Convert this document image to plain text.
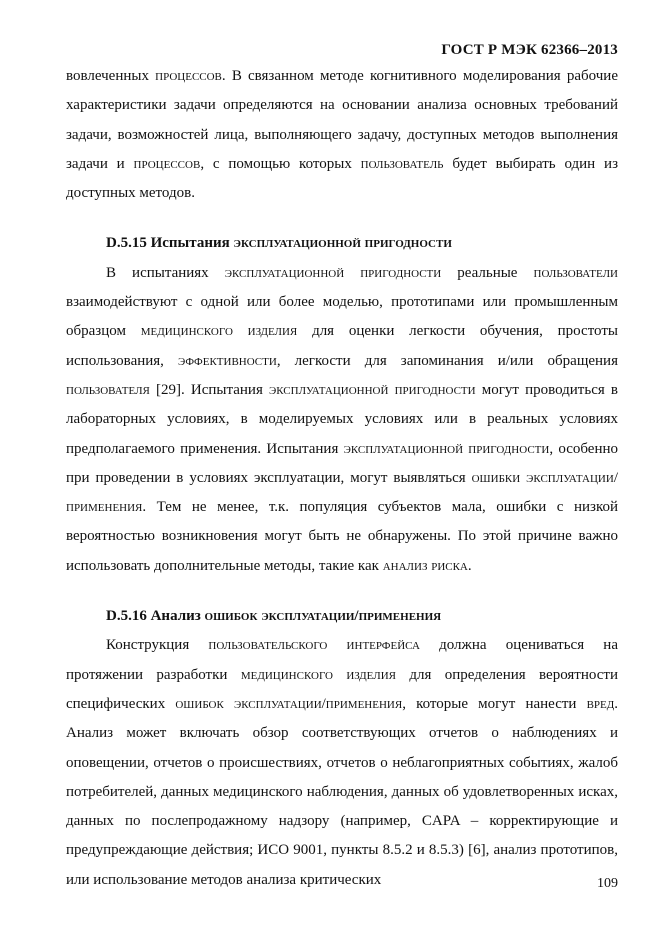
ГОСТ Р МЭК 62366–2013

вовлеченных процессов. В связанном методе когнитивного моделирования рабочие характеристики задачи определяются на основании анализа основных требований задачи, возможностей лица, выполняющего задачу, доступных методов выполнения задачи и процессов, с помощью которых пользователь будет выбирать один из доступных методов.

D.5.15 Испытания эксплуатационной пригодности

В испытаниях эксплуатационной пригодности реальные пользователи взаимодействуют с одной или более моделью, прототипами или промышленным образцом медицинского изделия для оценки легкости обучения, простоты использования, эффективности, легкости для запоминания и/или обращения пользователя [29]. Испытания эксплуатационной пригодности могут проводиться в лабораторных условиях, в моделируемых условиях или в реальных условиях предполагаемого применения. Испытания эксплуатационной пригодности, особенно при проведении в условиях эксплуатации, могут выявляться ошибки эксплуатации/применения. Тем не менее, т.к. популяция субъектов мала, ошибки с низкой вероятностью возникновения могут быть не обнаружены. По этой причине важно использовать дополнительные методы, такие как анализ риска.

D.5.16 Анализ ошибок эксплуатации/применения

Конструкция пользовательского интерфейса должна оцениваться на протяжении разработки медицинского изделия для определения вероятности специфических ошибок эксплуатации/применения, которые могут нанести вред. Анализ может включать обзор соответствующих отчетов о наблюдениях и оповещении, отчетов о происшествиях, отчетов о неблагоприятных событиях, жалоб потребителей, данных медицинского наблюдения, данных об удовлетворенных исках, данных по послепродажному надзору (например, CAPA – корректирующие и предупреждающие действия; ИСО 9001, пункты 8.5.2 и 8.5.3) [6], анализ прототипов, или использование методов анализа критических	109
